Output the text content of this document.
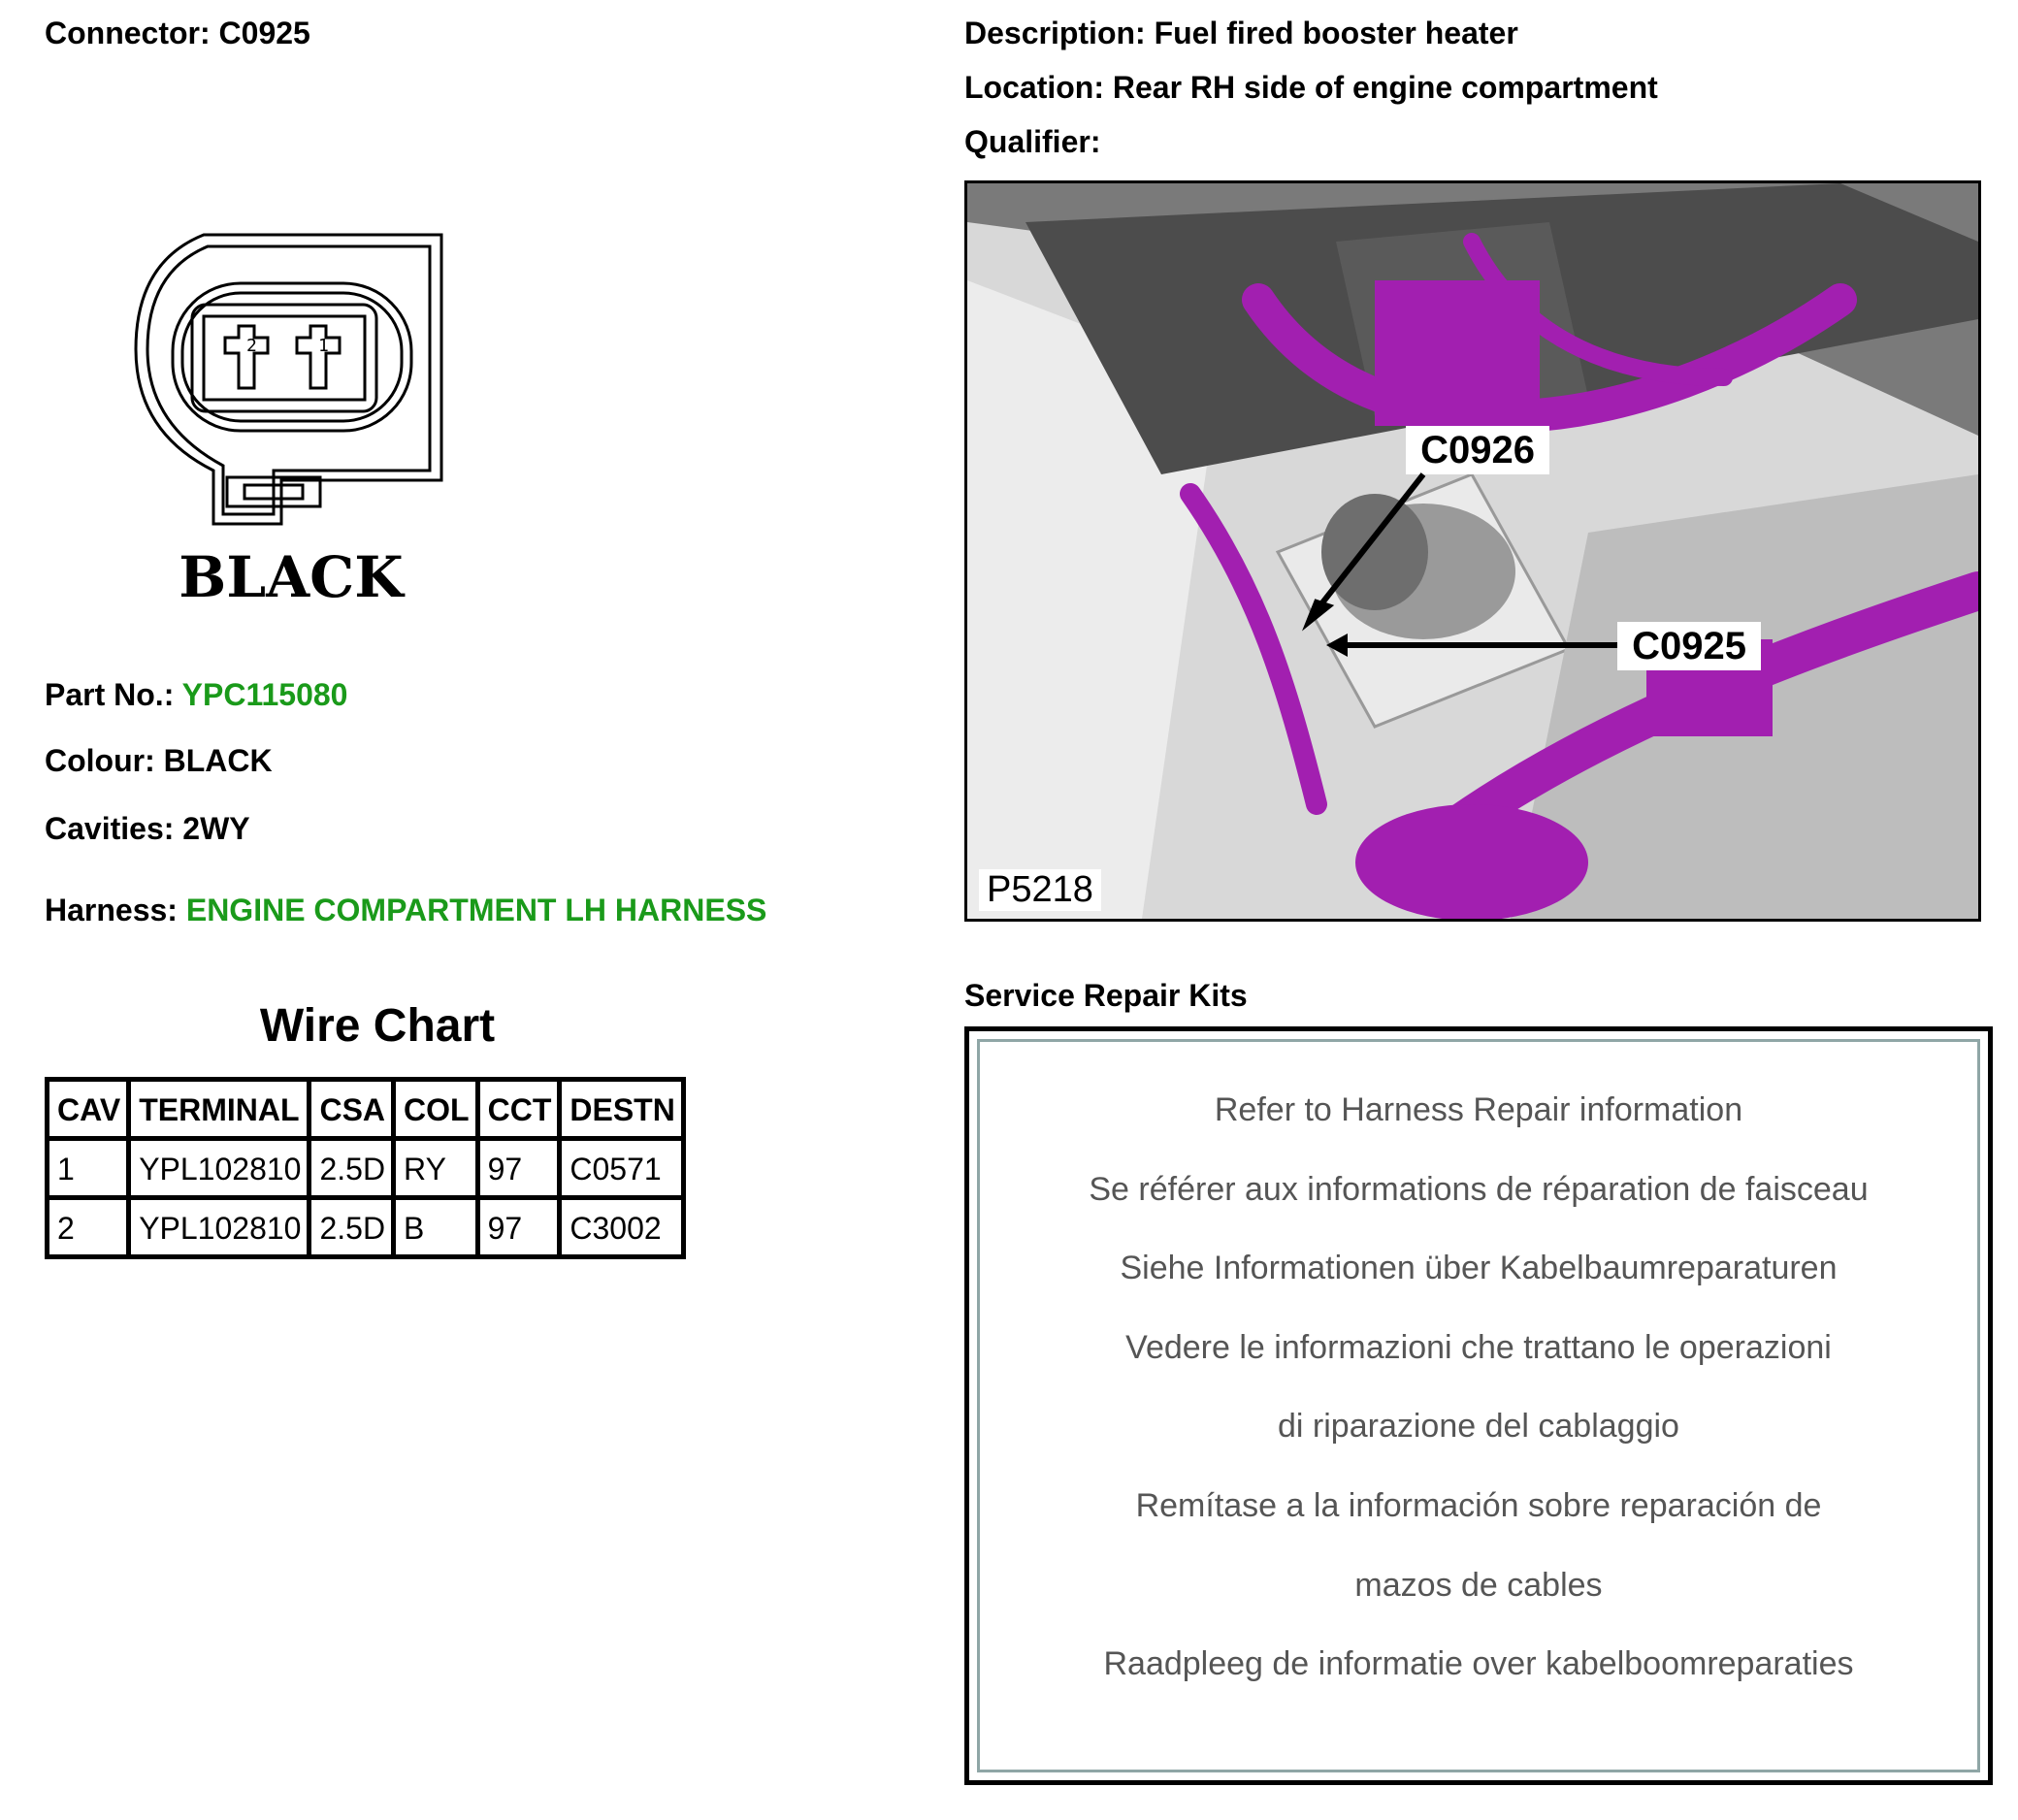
Connector: C0925	Description: Fuel fired booster heater
Location: Rear RH side of engine compartment
Qualifier:
2	1
BLACK
Part No.: YPC115080
Colour: BLACK
Cavities: 2WY
Harness: ENGINE COMPARTMENT LH HARNESS
Wire Chart
CAV	TERMINAL	CSA	COL	CCT	DESTN
1	YPL102810	2.5D	RY	97	C0571
2	YPL102810	2.5D	B	97	C3002
C0926
C0925
P5218
Service Repair Kits
Refer to Harness Repair information
Se référer aux informations de réparation de faisceau
Siehe Informationen über Kabelbaumreparaturen
Vedere le informazioni che trattano le operazioni
di riparazione del cablaggio
Remítase a la información sobre reparación de
mazos de cables
Raadpleeg de informatie over kabelboomreparaties
